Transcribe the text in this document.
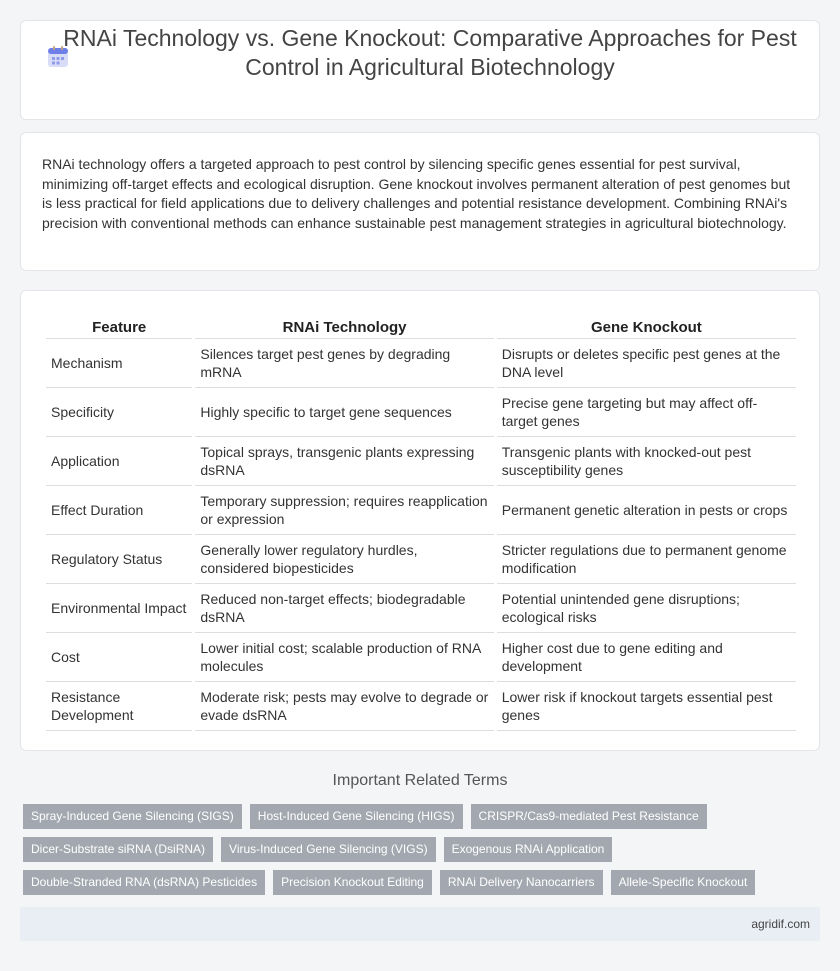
RNAi Technology vs. Gene Knockout: Comparative Approaches for Pest Control in Agricultural Biotechnology

RNAi technology offers a targeted approach to pest control by silencing specific genes essential for pest survival, minimizing off-target effects and ecological disruption. Gene knockout involves permanent alteration of pest genomes but is less practical for field applications due to delivery challenges and potential resistance development. Combining RNAi's precision with conventional methods can enhance sustainable pest management strategies in agricultural biotechnology.

Feature	RNAi Technology	Gene Knockout
Mechanism	Silences target pest genes by degrading mRNA	Disrupts or deletes specific pest genes at the DNA level
Specificity	Highly specific to target gene sequences	Precise gene targeting but may affect off-target genes
Application	Topical sprays, transgenic plants expressing dsRNA	Transgenic plants with knocked-out pest susceptibility genes
Effect Duration	Temporary suppression; requires reapplication or expression	Permanent genetic alteration in pests or crops
Regulatory Status	Generally lower regulatory hurdles, considered biopesticides	Stricter regulations due to permanent genome modification
Environmental Impact	Reduced non-target effects; biodegradable dsRNA	Potential unintended gene disruptions; ecological risks
Cost	Lower initial cost; scalable production of RNA molecules	Higher cost due to gene editing and development
Resistance Development	Moderate risk; pests may evolve to degrade or evade dsRNA	Lower risk if knockout targets essential pest genes
Important Related Terms
Spray-Induced Gene Silencing (SIGS)	Host-Induced Gene Silencing (HIGS)	CRISPR/Cas9-mediated Pest Resistance
Dicer-Substrate siRNA (DsiRNA)	Virus-Induced Gene Silencing (VIGS)	Exogenous RNAi Application
Double-Stranded RNA (dsRNA) Pesticides	Precision Knockout Editing	RNAi Delivery Nanocarriers	Allele-Specific Knockout
agridif.com
